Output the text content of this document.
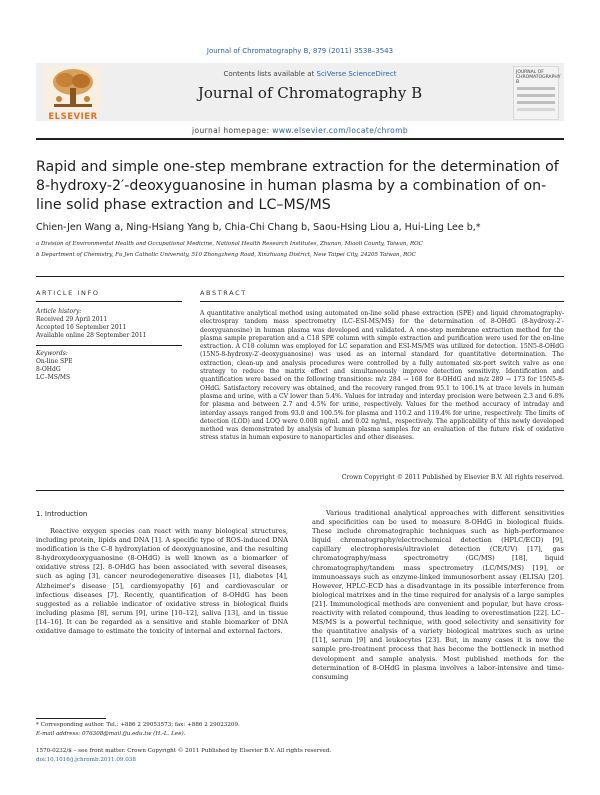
Journal of Chromatography B, 879 (2011) 3538–3543
ELSEVIER
Contents lists available at SciVerse ScienceDirect
Journal of Chromatography B
JOURNAL OF CHROMATOGRAPHY B
journal homepage: www.elsevier.com/locate/chromb
Rapid and simple one-step membrane extraction for the determination of 8-hydroxy-2′-deoxyguanosine in human plasma by a combination of on-line solid phase extraction and LC–MS/MS
Chien-Jen Wang a, Ning-Hsiang Yang b, Chia-Chi Chang b, Saou-Hsing Liou a, Hui-Ling Lee b,*
a Division of Environmental Health and Occupational Medicine, National Health Research Institutes, Zhunan, Miaoli County, Taiwan, ROC
b Department of Chemistry, Fu Jen Catholic University, 510 Zhongzheng Road, Xinzhuang District, New Taipei City, 24205 Taiwan, ROC
ARTICLE INFO
Article history:
Received 29 April 2011
Accepted 16 September 2011
Available online 28 September 2011
Keywords:
On-line SPE
8-OHdG
LC–MS/MS
ABSTRACT
A quantitative analytical method using automated on-line solid phase extraction (SPE) and liquid chromatography-electrospray tandem mass spectrometry (LC–ESI-MS/MS) for the determination of 8-OHdG (8-hydroxy-2′-deoxyguanosine) in human plasma was developed and validated. A one-step membrane extraction method for the plasma sample preparation and a C18 SPE column with simple extraction and purification were used for the on-line extraction. A C18 column was employed for LC separation and ESI-MS/MS was utilized for detection. 15N5-8-OHdG (15N5-8-hydroxy-2′-deoxyguanosine) was used as an internal standard for quantitative determination. The extraction, clean-up and analysis procedures were controlled by a fully automated six-port switch valve as one strategy to reduce the matrix effect and simultaneously improve detection sensitivity. Identification and quantification were based on the following transitions: m/z 284 → 168 for 8-OHdG and m/z 289 → 173 for 15N5-8-OHdG. Satisfactory recovery was obtained, and the recovery ranged from 95.1 to 106.1% at trace levels in human plasma and urine, with a CV lower than 5.4%. Values for intraday and interday precision were between 2.3 and 6.8% for plasma and between 2.7 and 4.5% for urine, respectively. Values for the method accuracy of intraday and interday assays ranged from 93.0 and 100.5% for plasma and 110.2 and 119.4% for urine, respectively. The limits of detection (LOD) and LOQ were 0.008 ng/mL and 0.02 ng/mL, respectively. The applicability of this newly developed method was demonstrated by analysis of human plasma samples for an evaluation of the future risk of oxidative stress status in human exposure to nanoparticles and other diseases.
Crown Copyright © 2011 Published by Elsevier B.V. All rights reserved.
1. Introduction
Reactive oxygen species can react with many biological structures, including protein, lipids and DNA [1]. A specific type of ROS-induced DNA modification is the C-8 hydroxylation of deoxyguanosine, and the resulting 8-hydroxydeoxyguanosine (8-OHdG) is well known as a biomarker of oxidative stress [2]. 8-OHdG has been associated with several diseases, such as aging [3], cancer neurodegenerative diseases [1], diabetes [4], Alzheimer's disease [5], cardiomyopathy [6] and cardiovascular or infectious diseases [7]. Recently, quantification of 8-OHdG has been suggested as a reliable indicator of oxidative stress in biological fluids including plasma [8], serum [9], urine [10–12], saliva [13], and in tissue [14–16]. It can be regarded as a sensitive and stable biomarker of DNA oxidative damage to estimate the toxicity of internal and external factors.
Various traditional analytical approaches with different sensitivities and specificities can be used to measure 8-OHdG in biological fluids. These include chromatographic techniques such as high-performance liquid chromatography/electrochemical detection (HPLC/ECD) [9], capillary electrophoresis/ultraviolet detection (CE/UV) [17], gas chromatography/mass spectrometry (GC/MS) [18], liquid chromatography/tandem mass spectrometry (LC/MS/MS) [19], or immunoassays such as enzyme-linked immunosorbent assay (ELISA) [20]. However, HPLC-ECD has a disadvantage in its possible interference from biological matrixes and in the time required for analysis of a large samples [21]. Immunological methods are convenient and popular, but have cross-reactivity with related compound, thus leading to overestimation [22]. LC–MS/MS is a powerful technique, with good selectivity and sensitivity for the quantitative analysis of a variety biological matrixes such as urine [11], serum [9] and leukocytes [23]. But, in many cases it is now the sample pre-treatment process that has become the bottleneck in method development and sample analysis. Most published methods for the determination of 8-OHdG in plasma involves a labor-intensive and time-consuming
* Corresponding author. Tel.: +886 2 29053573; fax: +886 2 29023209.
E-mail address: 076308@mail.fju.edu.tw (H.-L. Lee).
1570-0232/$ – see front matter. Crown Copyright © 2011 Published by Elsevier B.V. All rights reserved.
doi:10.1016/j.jchromb.2011.09.038
